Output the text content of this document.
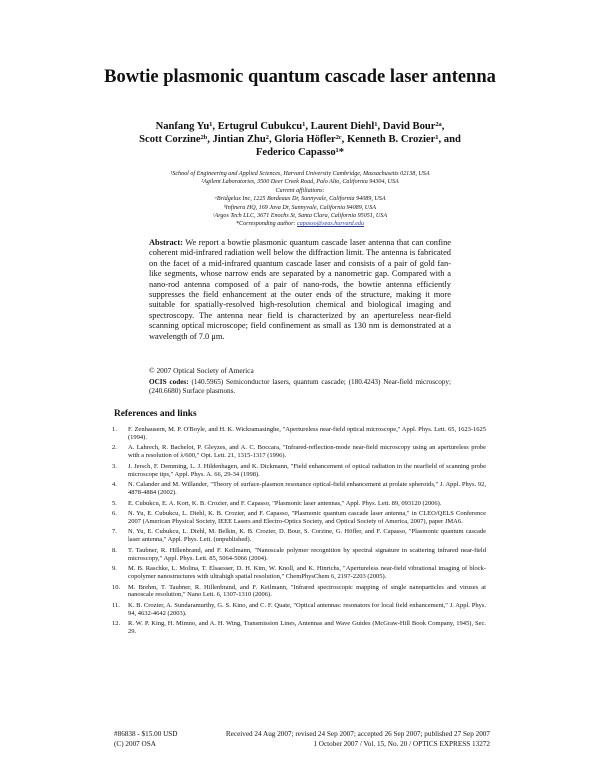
Bowtie plasmonic quantum cascade laser antenna
Nanfang Yu¹, Ertugrul Cubukcu¹, Laurent Diehl¹, David Bour²ᵃ,
Scott Corzine²ᵇ, Jintian Zhu², Gloria Höfler²ᶜ, Kenneth B. Crozier¹, and
Federico Capasso¹*
¹School of Engineering and Applied Sciences, Harvard University Cambridge, Massachusetts 02138, USA
²Agilent Laboratories, 3500 Deer Creek Road, Palo Alto, California 94304, USA
Current affiliations:
ᵃBridgelux Inc, 1225 Bordeaux Dr, Sunnyvale, California 94089, USA
ᵇInfinera HQ, 169 Java Dr, Sunnyvale, California 94089, USA
ᶜArgos Tech LLC, 3671 Enochs St, Santa Clara, California 95051, USA
*Corresponding author: capasso@seas.harvard.edu
Abstract: We report a bowtie plasmonic quantum cascade laser antenna that can confine coherent mid-infrared radiation well below the diffraction limit. The antenna is fabricated on the facet of a mid-infrared quantum cascade laser and consists of a pair of gold fan-like segments, whose narrow ends are separated by a nanometric gap. Compared with a nano-rod antenna composed of a pair of nano-rods, the bowtie antenna efficiently suppresses the field enhancement at the outer ends of the structure, making it more suitable for spatially-resolved high-resolution chemical and biological imaging and spectroscopy. The antenna near field is characterized by an apertureless near-field scanning optical microscope; field confinement as small as 130 nm is demonstrated at a wavelength of 7.0 μm.
© 2007 Optical Society of America
OCIS codes: (140.5965) Semiconductor lasers, quantum cascade; (180.4243) Near-field microscopy; (240.6680) Surface plasmons.
References and links
1. F. Zenhausern, M. P. O'Boyle, and H. K. Wickramasinghe, "Apertureless near-field optical microscope," Appl. Phys. Lett. 65, 1623-1625 (1994).
2. A. Lahrech, R. Bachelot, P. Gleyzes, and A. C. Boccara, "Infrared-reflection-mode near-field microscopy using an apertureless probe with a resolution of λ/600," Opt. Lett. 21, 1315-1317 (1996).
3. J. Jersch, F. Demming, L. J. Hildenhagen, and K. Dickmann, "Field enhancement of optical radiation in the nearfield of scanning probe microscope tips," Appl. Phys. A. 66, 29-34 (1998).
4. N. Calander and M. Willander, "Theory of surface-plasmon resonance optical-field enhancement at prolate spheroids," J. Appl. Phys. 92, 4878-4884 (2002).
5. E. Cubukcu, E. A. Kort, K. B. Crozier, and F. Capasso, "Plasmonic laser antennas," Appl. Phys. Lett. 89, 093120 (2006).
6. N. Yu, E. Cubukcu, L. Diehl, K. B. Crozier, and F. Capasso, "Plasmonic quantum cascade laser antenna," in CLEO/QELS Conference 2007 (American Physical Society, IEEE Lasers and Electro-Optics Society, and Optical Society of America, 2007), paper JMA6.
7. N. Yu, E. Cubukcu, L. Diehl, M. Belkin, K. B. Crozier, D. Bour, S. Corzine, G. Höfler, and F. Capasso, "Plasmonic quantum cascade laser antenna," Appl. Phys. Lett. (unpublished).
8. T. Taubner, R. Hillenbrand, and F. Keilmann, "Nanoscale polymer recognition by spectral signature in scattering infrared near-field microscopy," Appl. Phys. Lett. 85, 5064-5066 (2004).
9. M. B. Raschke, L. Molina, T. Elsaesser, D. H. Kim, W. Knoll, and K. Hinrichs, "Apertureless near-field vibrational imaging of block-copolymer nanostructures with ultrahigh spatial resolution," ChemPhysChem 6, 2197-2203 (2005).
10. M. Brehm, T. Taubner, R. Hillenbrand, and F. Keilmann, "Infrared spectroscopic mapping of single nanoparticles and viruses at nanoscale resolution," Nano Lett. 6, 1307-1310 (2006).
11. K. B. Crozier, A. Sundaramurthy, G. S. Kino, and C. F. Quate, "Optical antennas: resonators for local field enhancement," J. Appl. Phys. 94, 4632-4642 (2003).
12. R. W. P. King, H. Mimno, and A. H. Wing, Transmission Lines, Antennas and Wave Guides (McGraw-Hill Book Company, 1945), Sec. 29.
#86838 - $15.00 USD	Received 24 Aug 2007; revised 24 Sep 2007; accepted 26 Sep 2007; published 27 Sep 2007
(C) 2007 OSA	1 October 2007 / Vol. 15, No. 20 / OPTICS EXPRESS 13272
